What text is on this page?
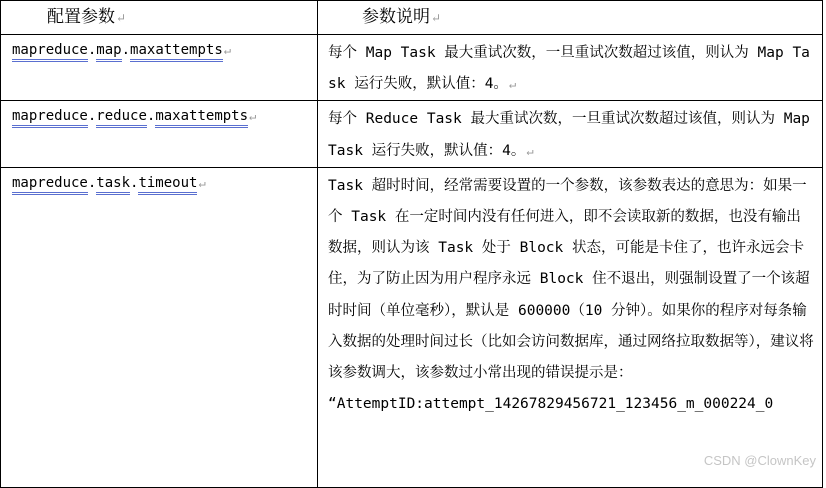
配置参数↵	参数说明↵
mapreduce.map.maxattempts↵	每个 Map Task 最大重试次数，一旦重试次数超过该值，则认为 Map Task 运行失败，默认值：4。↵
mapreduce.reduce.maxattempts↵	每个 Reduce Task 最大重试次数，一旦重试次数超过该值，则认为 Map Task 运行失败，默认值：4。↵
mapreduce.task.timeout↵	Task 超时时间，经常需要设置的一个参数，该参数表达的意思为：如果一个 Task 在一定时间内没有任何进入，即不会读取新的数据，也没有输出数据，则认为该 Task 处于 Block 状态，可能是卡住了，也许永远会卡住，为了防止因为用户程序永远 Block 住不退出，则强制设置了一个该超时时间（单位毫秒），默认是 600000（10 分钟）。如果你的程序对每条输入数据的处理时间过长（比如会访问数据库，通过网络拉取数据等），建议将该参数调大，该参数过小常出现的错误提示是：
“AttemptID:attempt_14267829456721_123456_m_000224_0
CSDN @ClownKey
